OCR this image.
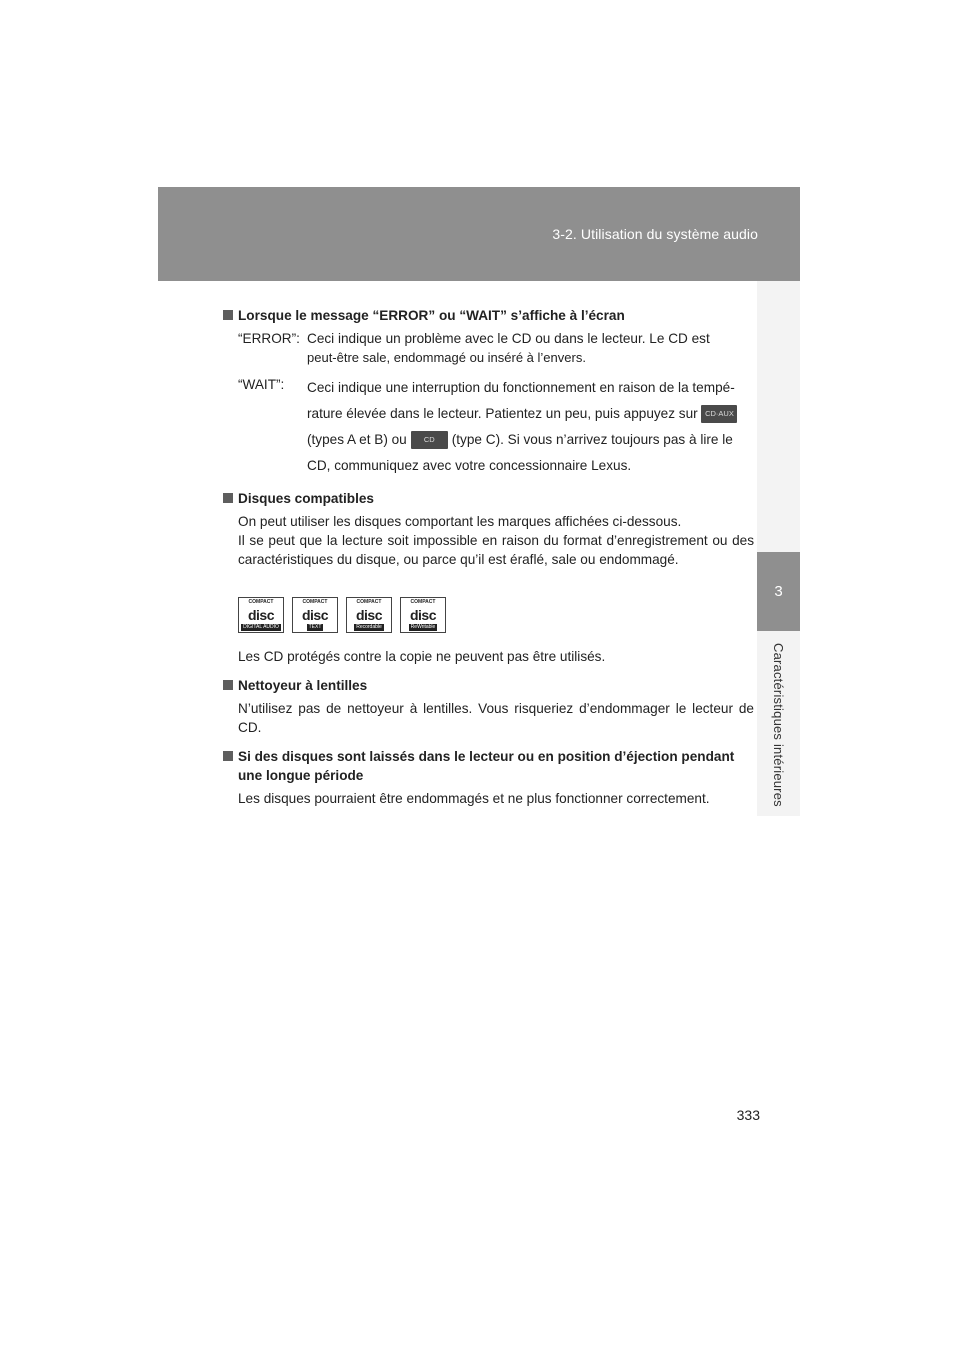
3-2. Utilisation du système audio
3
Caractéristiques intérieures
Lorsque le message “ERROR” ou “WAIT” s’affiche à l’écran
“ERROR”: Ceci indique un problème avec le CD ou dans le lecteur. Le CD est
peut-être sale, endommagé ou inséré à l’envers.
“WAIT”:	Ceci indique une interruption du fonctionnement en raison de la tempé-
rature élevée dans le lecteur. Patientez un peu, puis appuyez sur CD·AUX
(types A et B) ou CD (type C). Si vous n’arrivez toujours pas à lire le
CD, communiquez avec votre concessionnaire Lexus.
Disques compatibles

On peut utiliser les disques comportant les marques affichées ci-dessous.

Il se peut que la lecture soit impossible en raison du format d’enregistrement ou des caractéristiques du disque, ou parce qu’il est éraflé, sale ou endommagé.

COMPACT
disc
DIGITAL AUDIO
COMPACT
disc
TEXT
COMPACT
disc
Recordable
COMPACT
disc
ReWritable

Les CD protégés contre la copie ne peuvent pas être utilisés.

Nettoyeur à lentilles

N’utilisez pas de nettoyeur à lentilles. Vous risqueriez d’endommager le lecteur de CD.

Si des disques sont laissés dans le lecteur ou en position d’éjection pendant une longue période

Les disques pourraient être endommagés et ne plus fonctionner correctement.

333
